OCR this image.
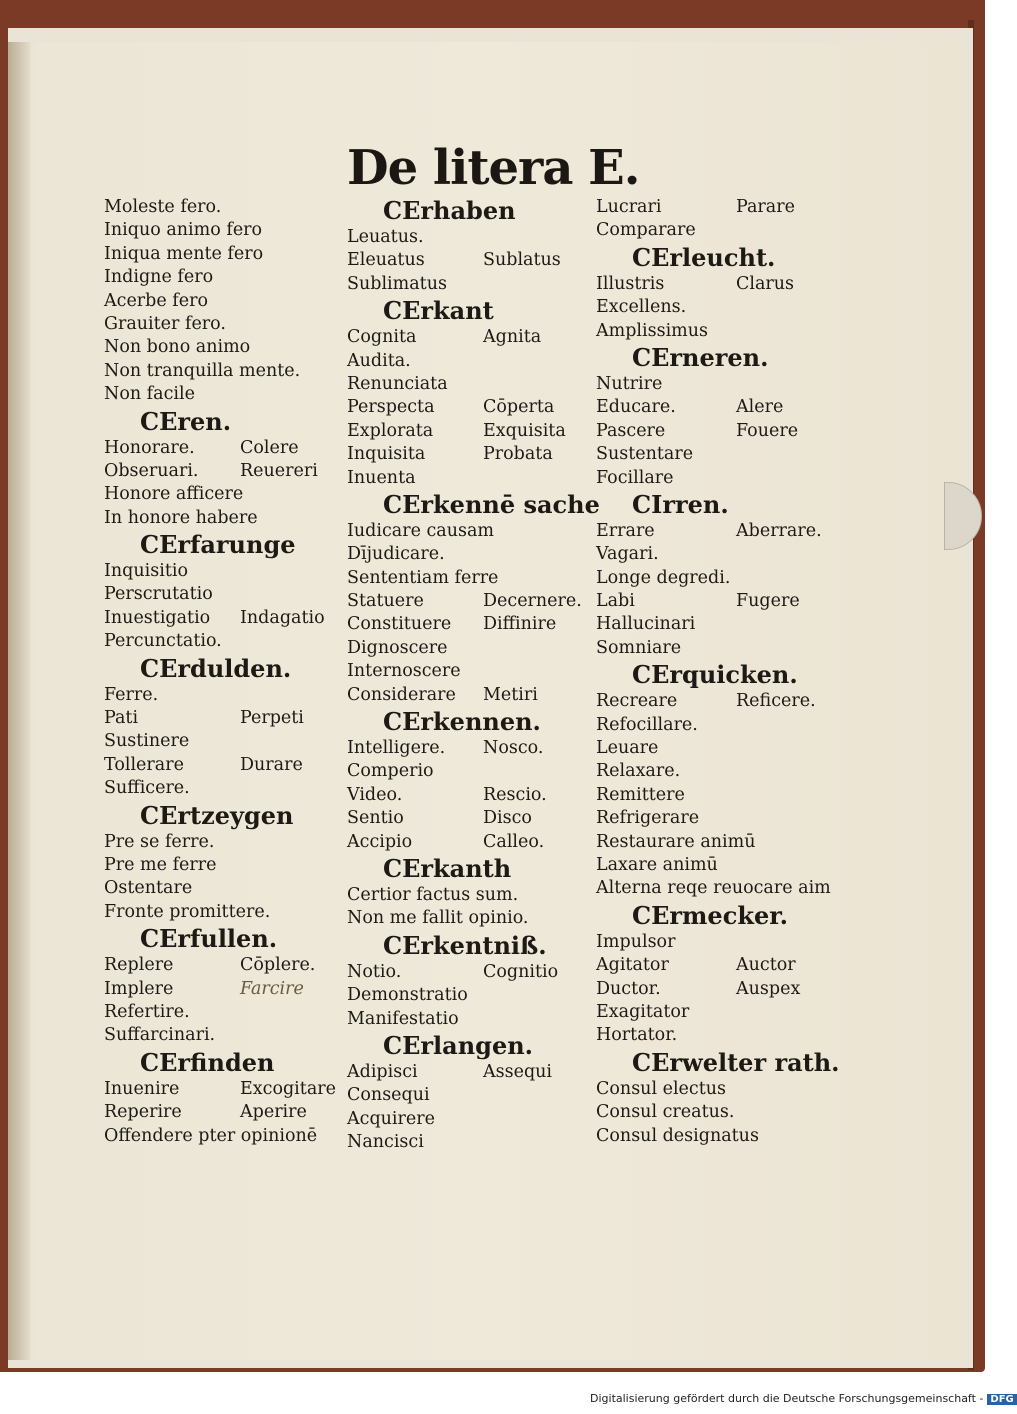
De litera E.
Moleste fero.
Iniquo animo fero
Iniqua mente fero
Indigne fero
Acerbe fero
Grauiter fero.
Non bono animo
Non tranquilla mente.
Non facile
CEren.
Honorare.	Colere
Obseruari. Reuereri
Honore afficere
In honore habere
CErfarunge
Inquisitio
Perscrutatio
Inuestigatio Indagatio
Percunctatio.
CErdulden.
Ferre.
Pati	Perpeti
Sustinere
Tollerare	Durare
Sufficere.
CErtzeygen
Pre se ferre.
Pre me ferre
Ostentare
Fronte promittere.
CErfullen.
Replere	Cōplere.
Implere	Farcire
Refertire.
Suffarcinari.
CErfinden
Inuenire	Excogitare
Reperire	Aperire
Offendere pter opinionē
CErhaben
Leuatus.
Eleuatus	Sublatus
Sublimatus
CErkant
Cognita	Agnita
Audita.
Renunciata
Perspecta	Cōperta
Explorata	Exquisita
Inquisita	Probata
Inuenta
CErkennē sache
Iudicare causam
Dījudicare.
Sententiam ferre
Statuere	Decernere.
Constituere Diffinire
Dignoscere
Internoscere
Considerare Metiri
CErkennen.
Intelligere. Nosco.
Comperio
Video.	Rescio.
Sentio	Disco
Accipio	Calleo.
CErkanth
Certior factus sum.
Non me fallit opinio.
CErkentniß.
Notio.	Cognitio
Demonstratio
Manifestatio
CErlangen.
Adipisci	Assequi
Consequi
Acquirere
Nancisci
Lucrari	Parare
Comparare
CErleucht.
Illustris	Clarus
Excellens.
Amplissimus
CErneren.
Nutrire
Educare.	Alere
Pascere	Fouere
Sustentare
Focillare
CIrren.
Errare	Aberrare.
Vagari.
Longe degredi.
Labi	Fugere
Hallucinari
Somniare
CErquicken.
Recreare	Reficere.
Refocillare.
Leuare
Relaxare.
Remittere
Refrigerare
Restaurare animū
Laxare animū
Alterna reqe reuocare aim
CErmecker.
Impulsor
Agitator	Auctor
Ductor.	Auspex
Exagitator
Hortator.
CErwelter rath.
Consul electus
Consul creatus.
Consul designatus
Digitalisierung gefördert durch die Deutsche Forschungsgemeinschaft - DFG
